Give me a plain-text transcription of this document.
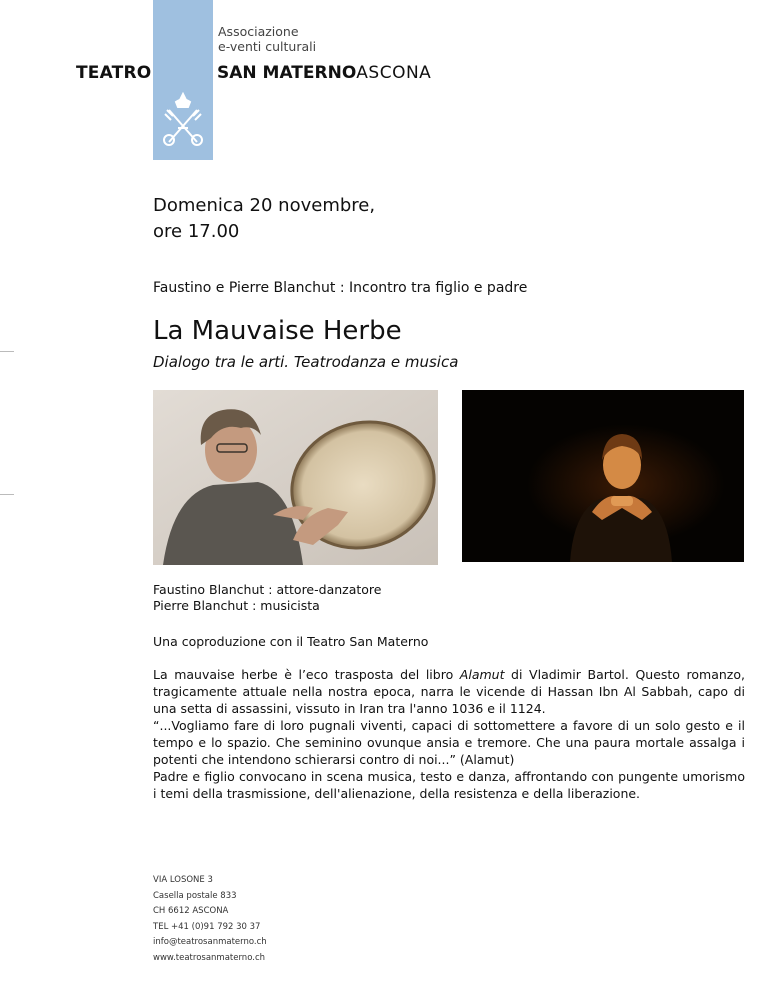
Associazione
e-venti culturali
TEATRO	SAN MATERNOASCONA
Domenica 20 novembre,
ore 17.00
Faustino e Pierre Blanchut : Incontro tra figlio e padre
La Mauvaise Herbe
Dialogo tra le arti. Teatrodanza e musica
Faustino Blanchut : attore-danzatore
Pierre Blanchut : musicista
Una coproduzione con il Teatro San Materno

La mauvaise herbe è l’eco trasposta del libro Alamut di Vladimir Bartol. Questo romanzo, tragicamente attuale nella nostra epoca, narra le vicende di Hassan Ibn Al Sabbah, capo di una setta di assassini, vissuto in Iran tra l'anno 1036 e il 1124.

“...Vogliamo fare di loro pugnali viventi, capaci di sottomettere a favore di un solo gesto e il tempo e lo spazio. Che seminino ovunque ansia e tremore. Che una paura mortale assalga i potenti che intendono schierarsi contro di noi...” (Alamut)

Padre e figlio convocano in scena musica, testo e danza, affrontando con pungente umorismo i temi della trasmissione, dell'alienazione, della resistenza e della liberazione.

VIA LOSONE 3
Casella postale 833
CH 6612 ASCONA
TEL +41 (0)91 792 30 37
info@teatrosanmaterno.ch
www.teatrosanmaterno.ch
